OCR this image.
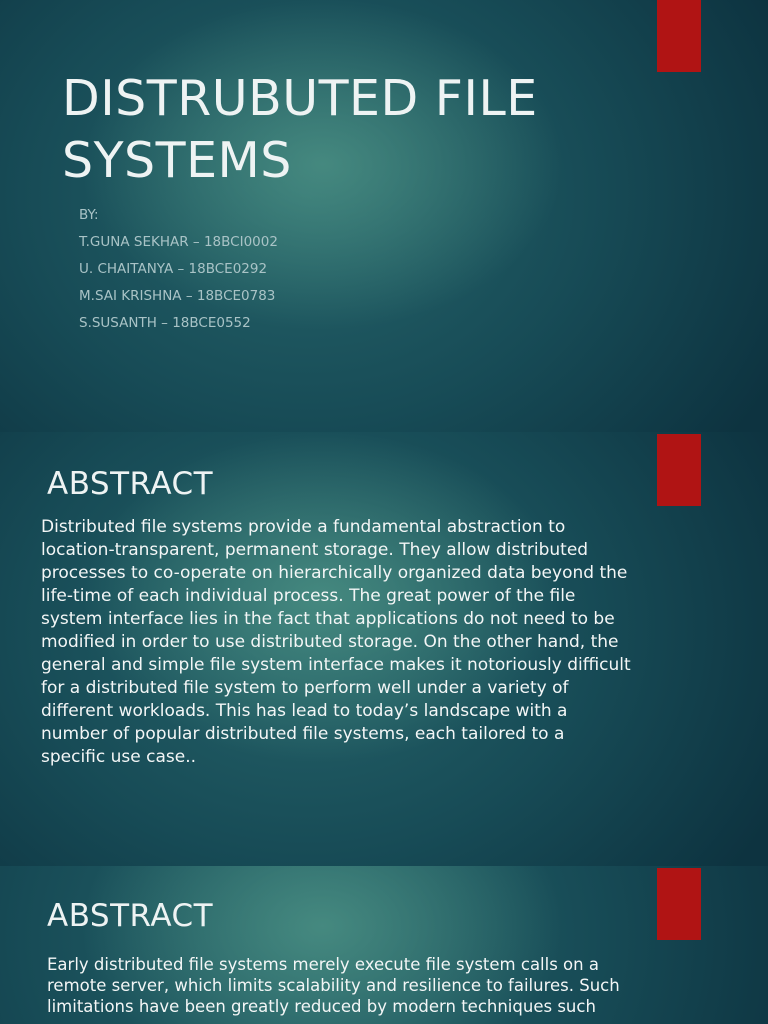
DISTRUBUTED FILE
SYSTEMS
BY:
T.GUNA SEKHAR – 18BCI0002
U. CHAITANYA – 18BCE0292
M.SAI KRISHNA – 18BCE0783
S.SUSANTH – 18BCE0552
ABSTRACT

Distributed file systems provide a fundamental abstraction to location-transparent, permanent storage. They allow distributed processes to co-operate on hierarchically organized data beyond the life-time of each individual process. The great power of the file system interface lies in the fact that applications do not need to be modified in order to use distributed storage. On the other hand, the general and simple file system interface makes it notoriously difficult for a distributed file system to perform well under a variety of different workloads. This has lead to today’s landscape with a number of popular distributed file systems, each tailored to a specific use case..

ABSTRACT

Early distributed file systems merely execute file system calls on a remote server, which limits scalability and resilience to failures. Such limitations have been greatly reduced by modern techniques such
